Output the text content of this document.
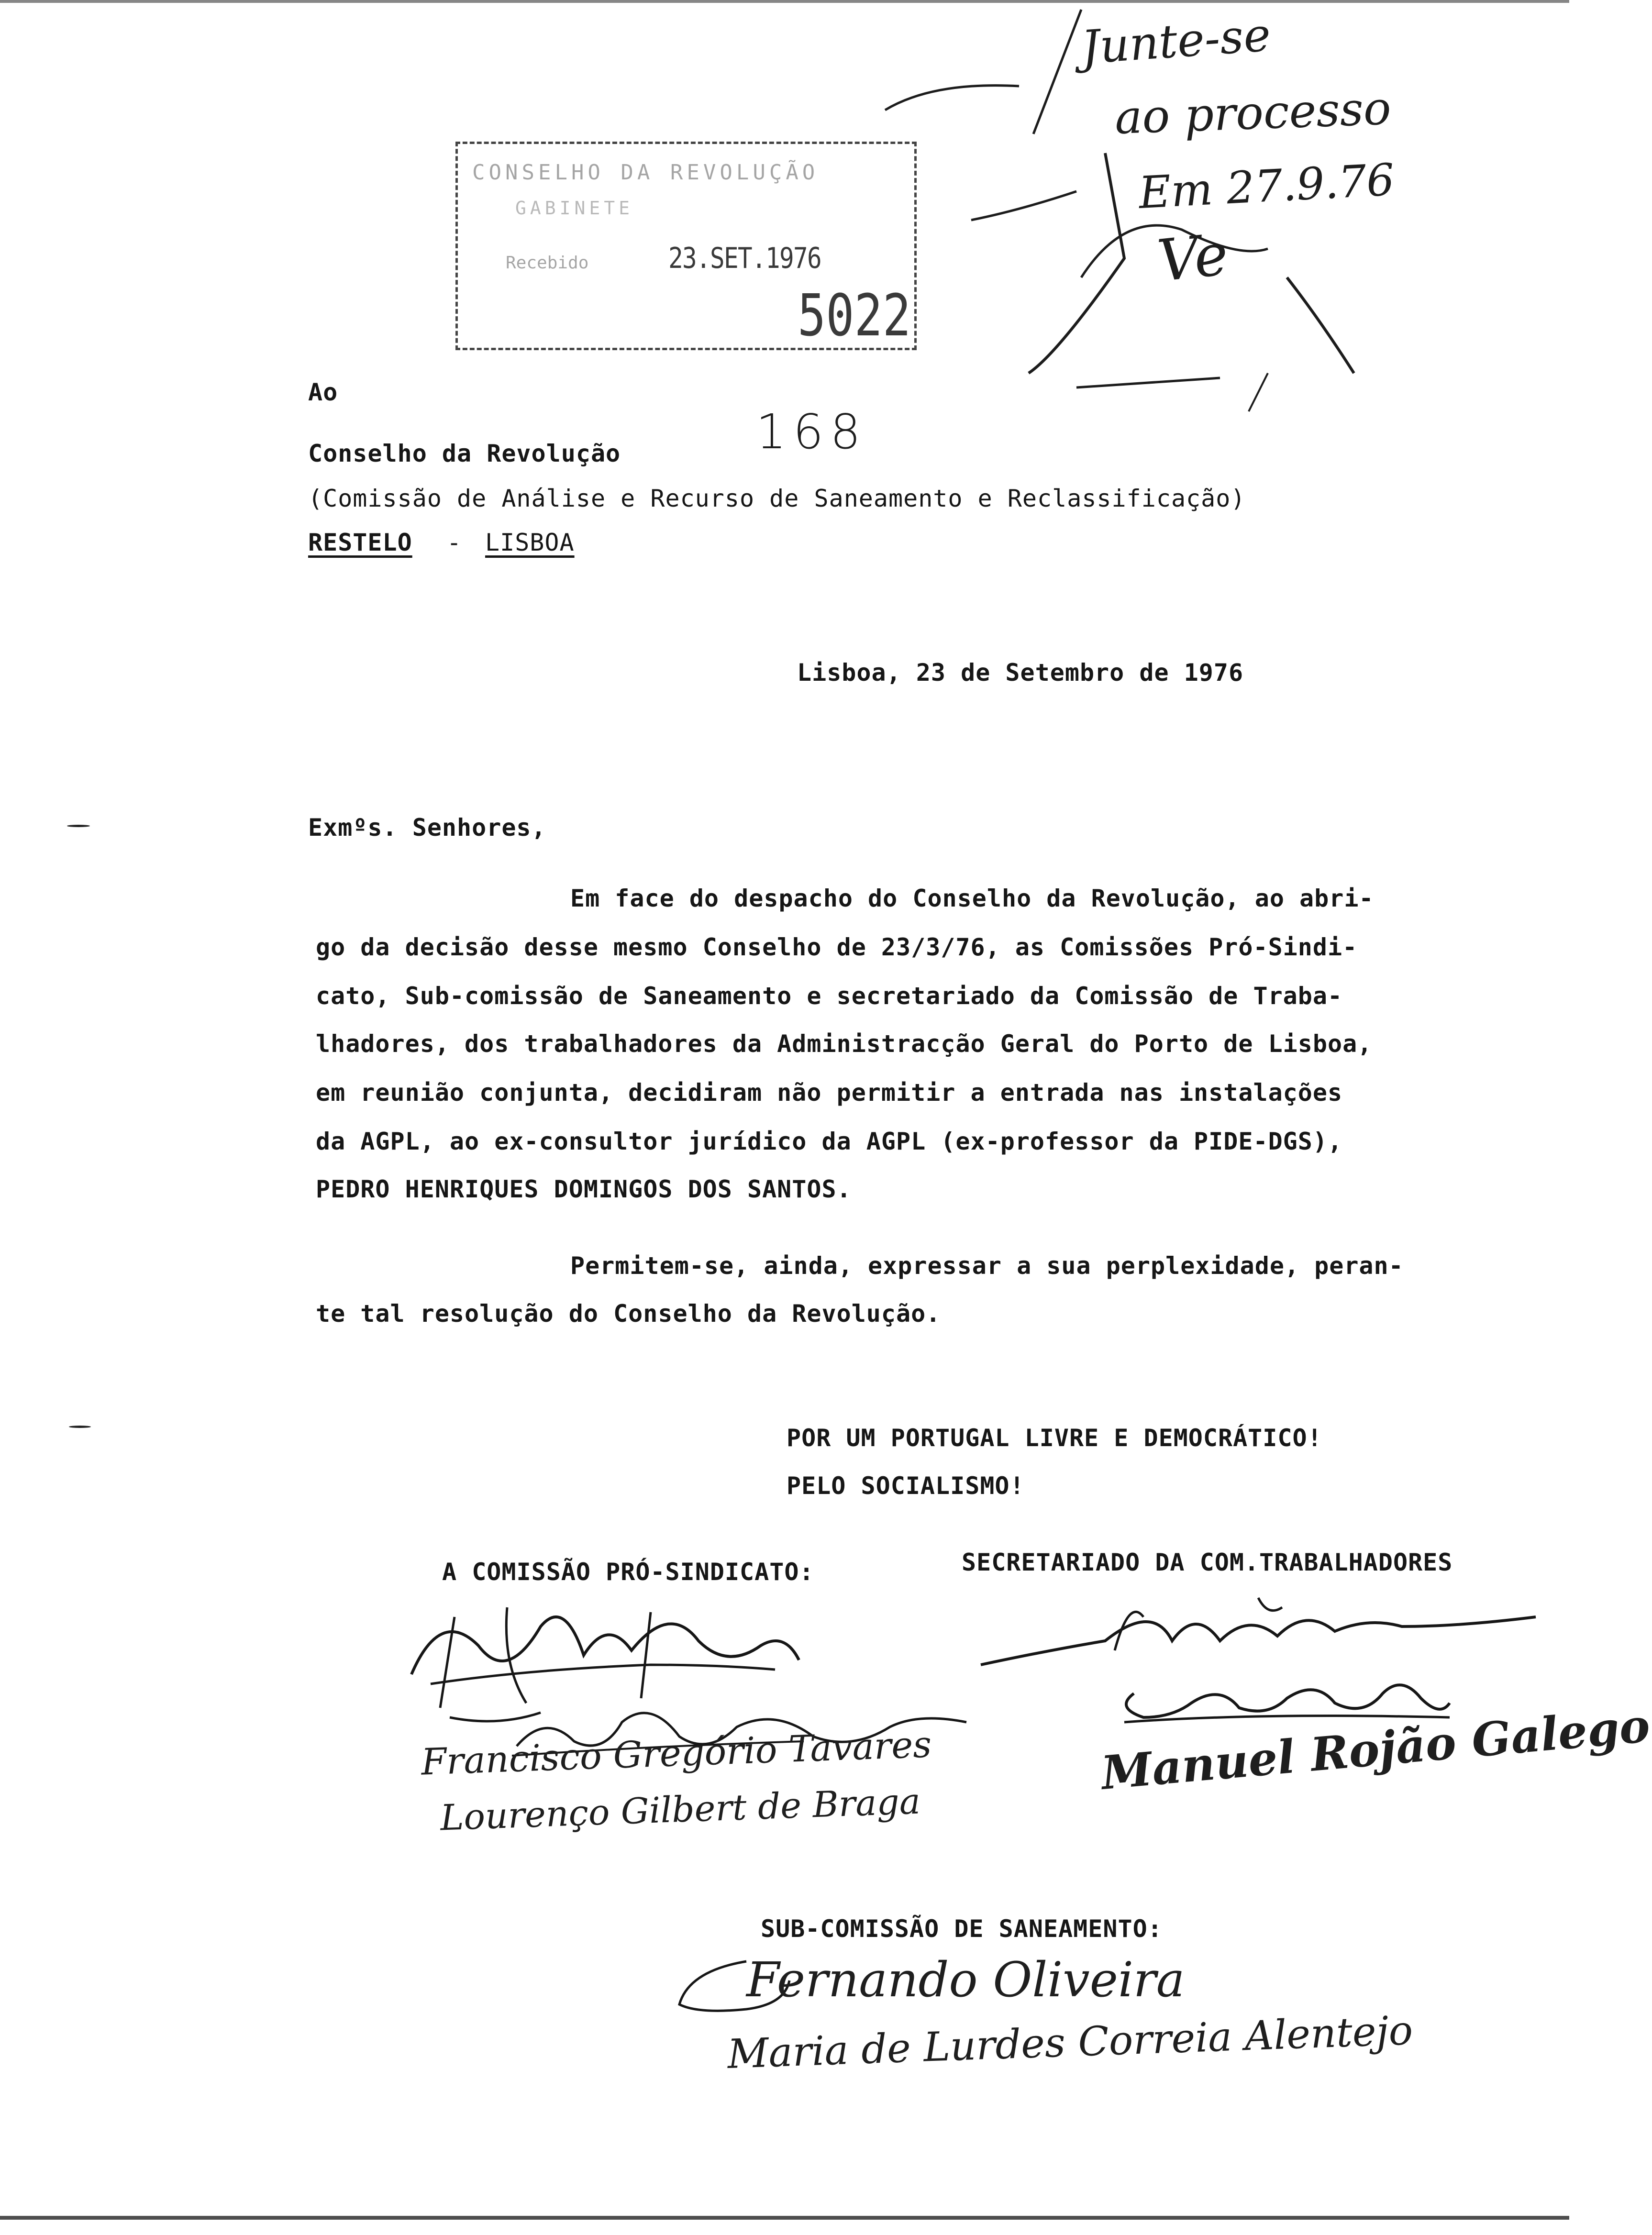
CONSELHO DA REVOLUÇÃO
GABINETE
Recebido	23.SET.1976
5022
Junte-se
ao processo
Em 27.9.76
Ve
Ao
168
Conselho da Revolução
(Comissão de Análise e Recurso de Saneamento e Reclassificação)
RESTELO - LISBOA
Lisboa, 23 de Setembro de 1976
Exmºs. Senhores,
Em face do despacho do Conselho da Revolução, ao abri-
go da decisão desse mesmo Conselho de 23/3/76, as Comissões Pró-Sindi-
cato, Sub-comissão de Saneamento e secretariado da Comissão de Traba-
lhadores, dos trabalhadores da Administracção Geral do Porto de Lisboa,
em reunião conjunta, decidiram não permitir a entrada nas instalações
da AGPL, ao ex-consultor jurídico da AGPL (ex-professor da PIDE-DGS),
PEDRO HENRIQUES DOMINGOS DOS SANTOS.
Permitem-se, ainda, expressar a sua perplexidade, peran-
te tal resolução do Conselho da Revolução.
POR UM PORTUGAL LIVRE E DEMOCRÁTICO!
PELO SOCIALISMO!
A COMISSÃO PRÓ-SINDICATO:	SECRETARIADO DA COM.TRABALHADORES
Francisco Gregório Tavares
Lourenço Gilbert de Braga
Manuel Rojão Galego
SUB-COMISSÃO DE SANEAMENTO:
Fernando Oliveira
Maria de Lurdes Correia Alentejo
